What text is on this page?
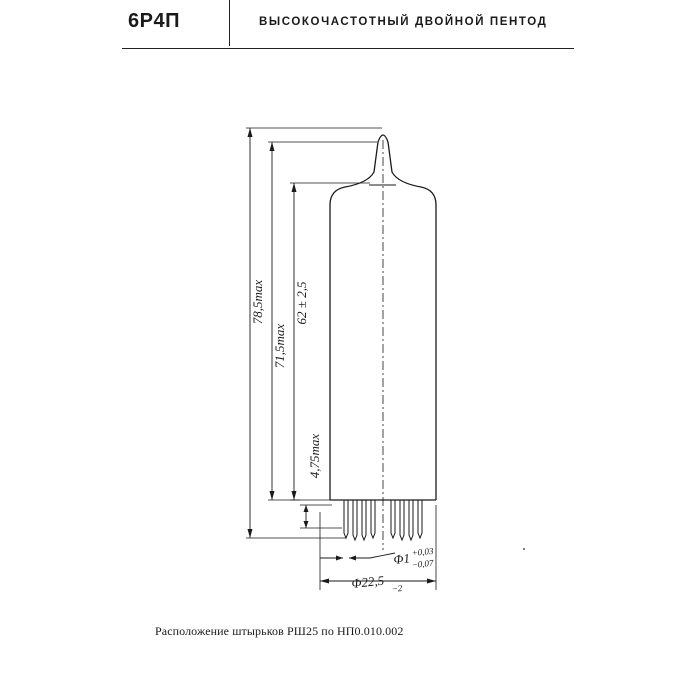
6Р4П	ВЫСОКОЧАСТОТНЫЙ ДВОЙНОЙ ПЕНТОД
78,5max
71,5max
62 ± 2,5
4,75max
Φ1 +0,03
−0,07
Φ22,5 −2
Расположение штырьков РШ25 по НП0.010.002
